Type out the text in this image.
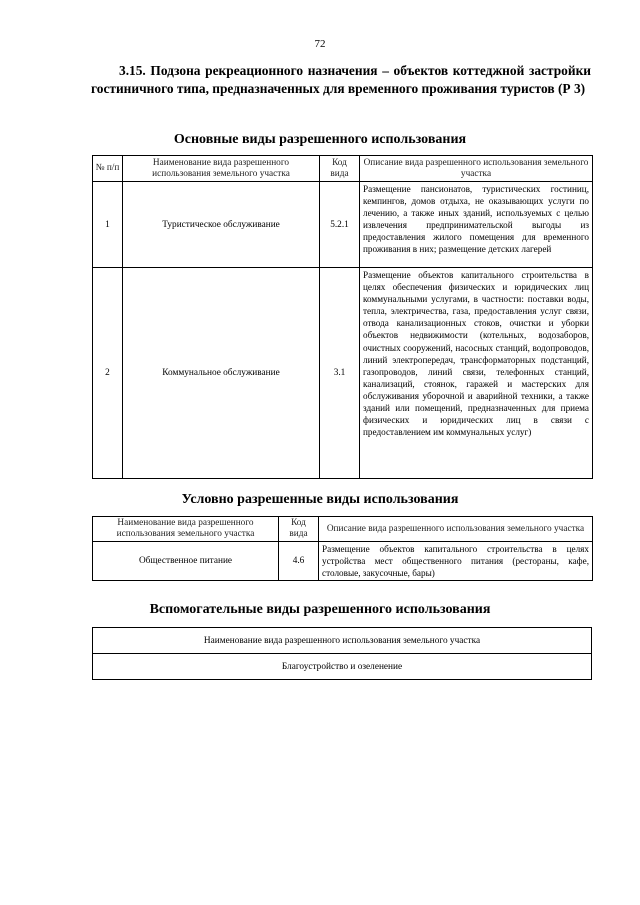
72
3.15. Подзона рекреационного назначения – объектов коттеджной застройки гостиничного типа, предназначенных для временного проживания туристов (Р 3)
Основные виды разрешенного использования
№ п/п	Наименование вида разрешенного использования земельного участка	Код вида	Описание вида разрешенного использования земельного участка
1	Туристическое обслуживание	5.2.1	Размещение пансионатов, туристических гостиниц, кемпингов, домов отдыха, не оказывающих услуги по лечению, а также иных зданий, используемых с целью извлечения предпринимательской выгоды из предоставления жилого помещения для временного проживания в них; размещение детских лагерей
2	Коммунальное обслуживание	3.1	Размещение объектов капитального строительства в целях обеспечения физических и юридических лиц коммунальными услугами, в частности: поставки воды, тепла, электричества, газа, предоставления услуг связи, отвода канализационных стоков, очистки и уборки объектов недвижимости (котельных, водозаборов, очистных сооружений, насосных станций, водопроводов, линий электропередач, трансформаторных подстанций, газопроводов, линий связи, телефонных станций, канализаций, стоянок, гаражей и мастерских для обслуживания уборочной и аварийной техники, а также зданий или помещений, предназначенных для приема физических и юридических лиц в связи с предоставлением им коммунальных услуг)
Условно разрешенные виды использования
Наименование вида разрешенного использования земельного участка	Код вида	Описание вида разрешенного использования земельного участка
Общественное питание	4.6	Размещение объектов капитального строительства в целях устройства мест общественного питания (рестораны, кафе, столовые, закусочные, бары)
Вспомогательные виды разрешенного использования
Наименование вида разрешенного использования земельного участка
Благоустройство и озеленение
